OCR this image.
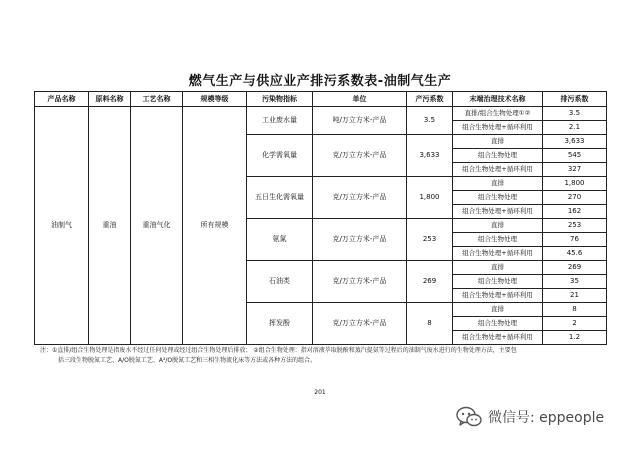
燃气生产与供应业产排污系数表-油制气生产
产品名称	原料名称	工艺名称	规模等级	污染物指标	单位	产污系数	末端治理技术名称	排污系数
油制气	重油	重油气化	所有规模	工业废水量	吨/万立方米-产品	3.5	直排/组合生物处理①②	3.5
							组合生物处理+循环利用	2.1
				化学需氧量	克/万立方米-产品	3,633	直排	3,633
							组合生物处理	545
							组合生物处理+循环利用	327
				五日生化需氧量	克/万立方米-产品	1,800	直排	1,800
							组合生物处理	270
							组合生物处理+循环利用	162
				氨氮	克/万立方米-产品	253	直排	253
							组合生物处理	76
							组合生物处理+循环利用	45.6
				石油类	克/万立方米-产品	269	直排	269
							组合生物处理	35
							组合生物处理+循环利用	21
				挥发酚	克/万立方米-产品	8	直排	8
							组合生物处理	2
							组合生物处理+循环利用	1.2
注：①直排/组合生物处理是指废水不经过任何处理或经过组合生物处理后排放； ②组合生物处理：指对溶液萃取脱酚和蒸汽提氨等过程后的油制气废水进行的生物处理方法，主要包
括三段生物脱氮工艺、A/O脱氮工艺、A²/O脱氮工艺和三相生物流化床等方法或各种方法的组合。
201
微信号: eppeople
